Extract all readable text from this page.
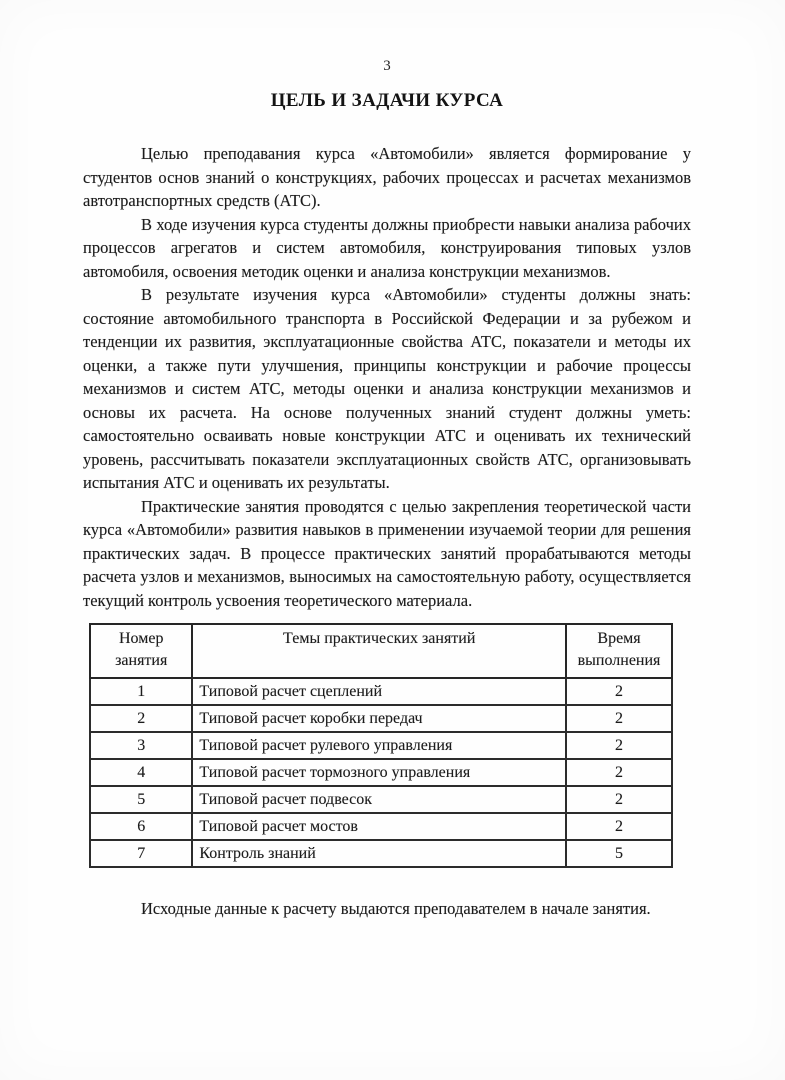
3
ЦЕЛЬ И ЗАДАЧИ КУРСА

Целью преподавания курса «Автомобили» является формирование у студентов основ знаний о конструкциях, рабочих процессах и расчетах механизмов автотранспортных средств (АТС).

В ходе изучения курса студенты должны приобрести навыки анализа рабочих процессов агрегатов и систем автомобиля, конструирования типовых узлов автомобиля, освоения методик оценки и анализа конструкции механизмов.

В результате изучения курса «Автомобили» студенты должны знать: состояние автомобильного транспорта в Российской Федерации и за рубежом и тенденции их развития, эксплуатационные свойства АТС, показатели и методы их оценки, а также пути улучшения, принципы конструкции и рабочие процессы механизмов и систем АТС, методы оценки и анализа конструкции механизмов и основы их расчета. На основе полученных знаний студент должны уметь: самостоятельно осваивать новые конструкции АТС и оценивать их технический уровень, рассчитывать показатели эксплуатационных свойств АТС, организовывать испытания АТС и оценивать их результаты.

Практические занятия проводятся с целью закрепления теоретической части курса «Автомобили» развития навыков в применении изучаемой теории для решения практических задач. В процессе практических занятий прорабатываются методы расчета узлов и механизмов, выносимых на самостоятельную работу, осуществляется текущий контроль усвоения теоретического материала.

Номер занятия	Темы практических занятий	Время выполнения
1	Типовой расчет сцеплений	2
2	Типовой расчет коробки передач	2
3	Типовой расчет рулевого управления	2
4	Типовой расчет тормозного управления	2
5	Типовой расчет подвесок	2
6	Типовой расчет мостов	2
7	Контроль знаний	5

Исходные данные к расчету выдаются преподавателем в начале занятия.
